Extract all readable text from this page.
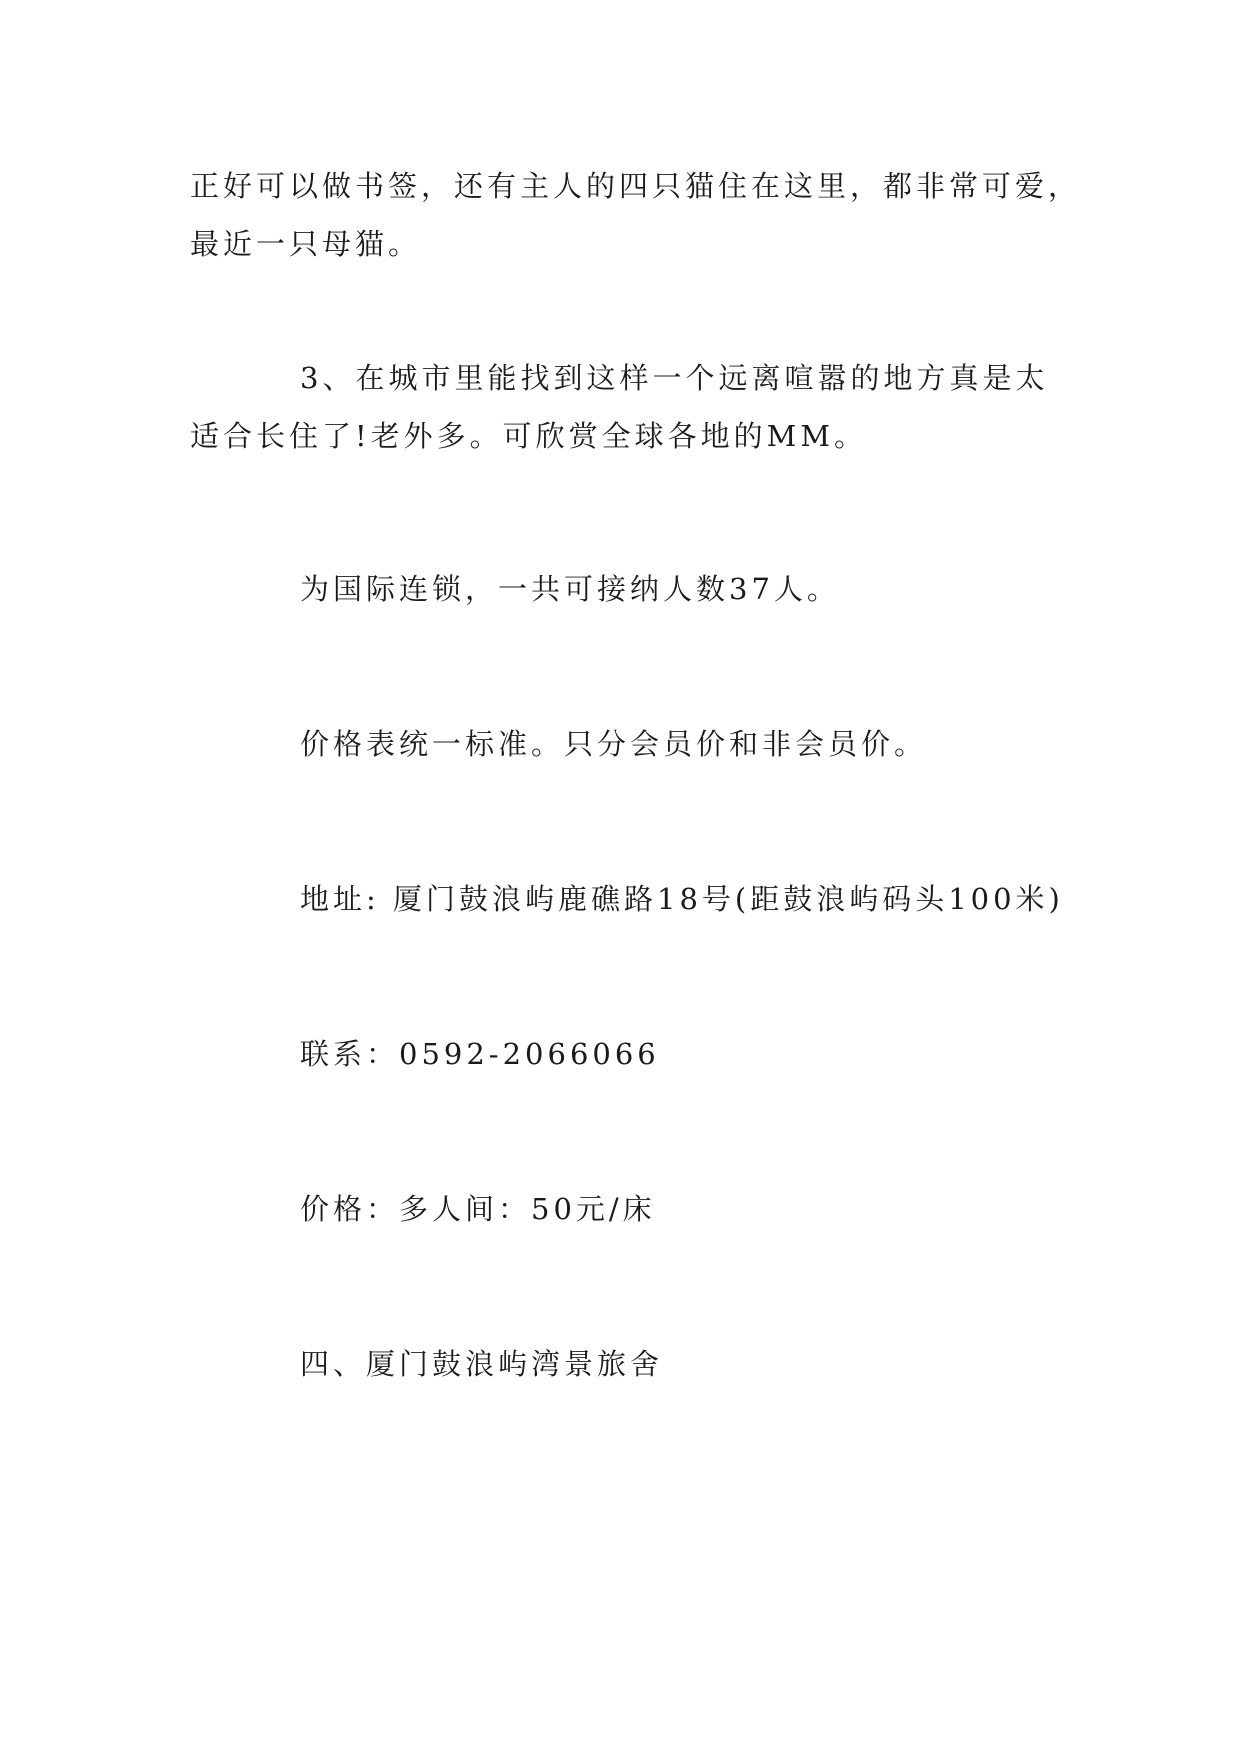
正好可以做书签，还有主人的四只猫住在这里，都非常可爱，
最近一只母猫。

3、在城市里能找到这样一个远离喧嚣的地方真是太
适合长住了!老外多。可欣赏全球各地的MM。

为国际连锁，一共可接纳人数37人。

价格表统一标准。只分会员价和非会员价。

地址: 厦门鼓浪屿鹿礁路18号(距鼓浪屿码头100米)

联系：0592-2066066

价格：多人间：50元/床

四、厦门鼓浪屿湾景旅舍
